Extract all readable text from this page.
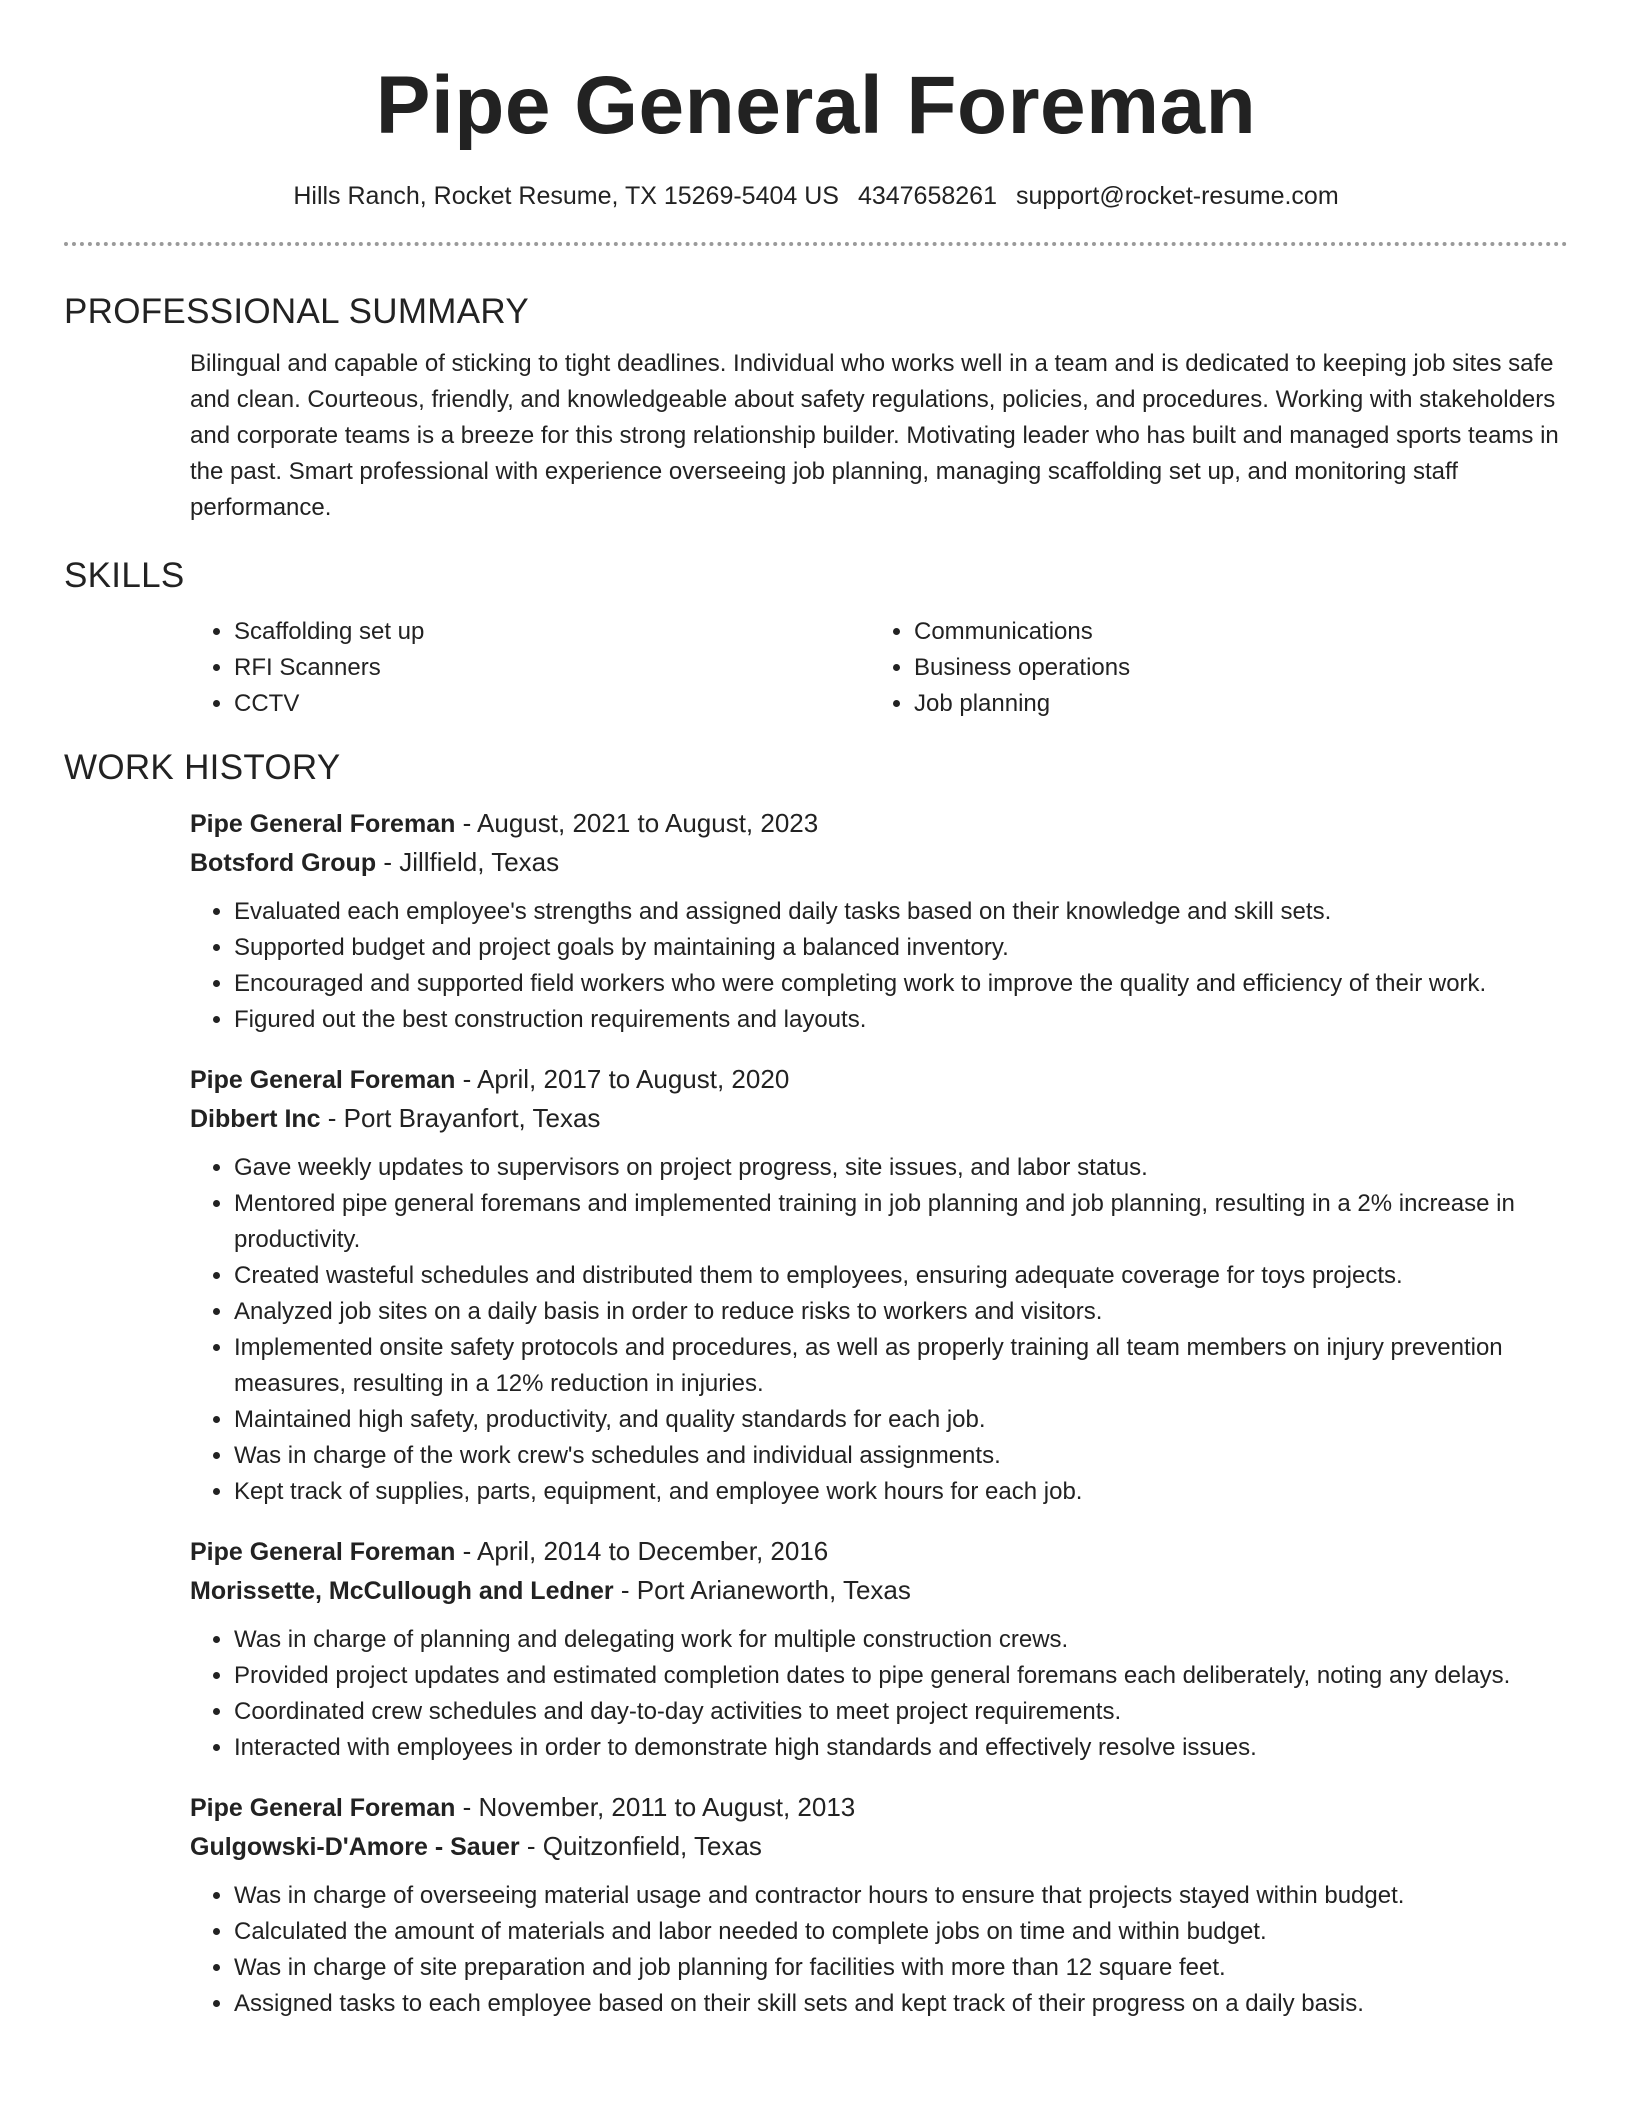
Pipe General Foreman
Hills Ranch, Rocket Resume, TX 15269-5404 US 4347658261 support@rocket-resume.com
PROFESSIONAL SUMMARY
Bilingual and capable of sticking to tight deadlines. Individual who works well in a team and is dedicated to keeping job sites safe and clean. Courteous, friendly, and knowledgeable about safety regulations, policies, and procedures. Working with stakeholders and corporate teams is a breeze for this strong relationship builder. Motivating leader who has built and managed sports teams in the past. Smart professional with experience overseeing job planning, managing scaffolding set up, and monitoring staff performance.
SKILLS
• Scaffolding set up
• RFI Scanners
• CCTV
• Communications
• Business operations
• Job planning
WORK HISTORY
Pipe General Foreman - August, 2021 to August, 2023
Botsford Group - Jillfield, Texas
• Evaluated each employee's strengths and assigned daily tasks based on their knowledge and skill sets.
• Supported budget and project goals by maintaining a balanced inventory.
• Encouraged and supported field workers who were completing work to improve the quality and efficiency of their work.
• Figured out the best construction requirements and layouts.
Pipe General Foreman - April, 2017 to August, 2020
Dibbert Inc - Port Brayanfort, Texas
• Gave weekly updates to supervisors on project progress, site issues, and labor status.
• Mentored pipe general foremans and implemented training in job planning and job planning, resulting in a 2% increase in productivity.
• Created wasteful schedules and distributed them to employees, ensuring adequate coverage for toys projects.
• Analyzed job sites on a daily basis in order to reduce risks to workers and visitors.
• Implemented onsite safety protocols and procedures, as well as properly training all team members on injury prevention measures, resulting in a 12% reduction in injuries.
• Maintained high safety, productivity, and quality standards for each job.
• Was in charge of the work crew's schedules and individual assignments.
• Kept track of supplies, parts, equipment, and employee work hours for each job.
Pipe General Foreman - April, 2014 to December, 2016
Morissette, McCullough and Ledner - Port Arianeworth, Texas
• Was in charge of planning and delegating work for multiple construction crews.
• Provided project updates and estimated completion dates to pipe general foremans each deliberately, noting any delays.
• Coordinated crew schedules and day-to-day activities to meet project requirements.
• Interacted with employees in order to demonstrate high standards and effectively resolve issues.
Pipe General Foreman - November, 2011 to August, 2013
Gulgowski-D'Amore - Sauer - Quitzonfield, Texas
• Was in charge of overseeing material usage and contractor hours to ensure that projects stayed within budget.
• Calculated the amount of materials and labor needed to complete jobs on time and within budget.
• Was in charge of site preparation and job planning for facilities with more than 12 square feet.
• Assigned tasks to each employee based on their skill sets and kept track of their progress on a daily basis.
